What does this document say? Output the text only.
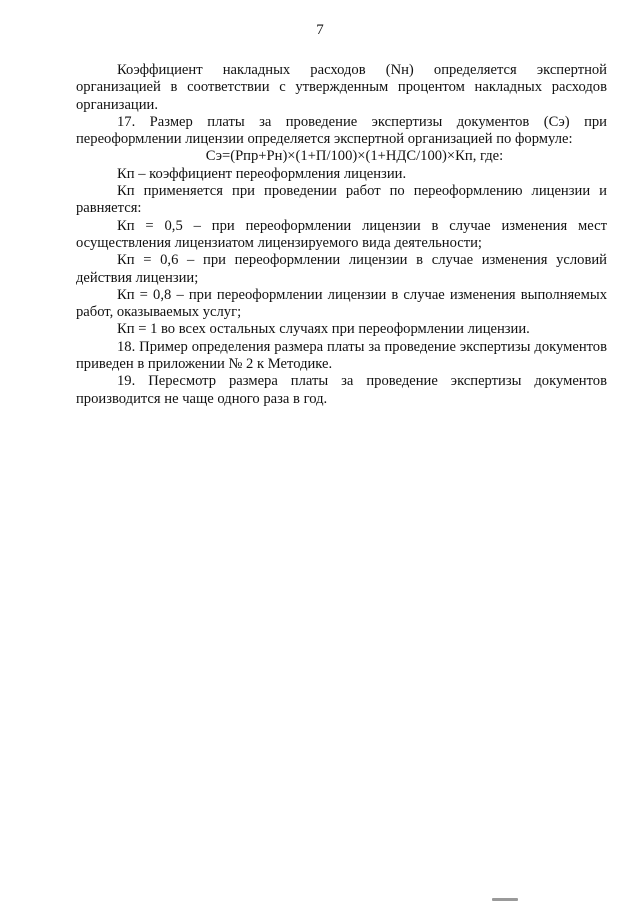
7

Коэффициент накладных расходов (Nн) определяется экспертной организацией в соответствии с утвержденным процентом накладных расходов организации.

17. Размер платы за проведение экспертизы документов (Сэ) при переоформлении лицензии определяется экспертной организацией по формуле:

Сэ=(Рпр+Рн)×(1+П/100)×(1+НДС/100)×Кп, где:

Кп – коэффициент переоформления лицензии.

Кп применяется при проведении работ по переоформлению лицензии и равняется:

Кп = 0,5 – при переоформлении лицензии в случае изменения мест осуществления лицензиатом лицензируемого вида деятельности;

Кп = 0,6 – при переоформлении лицензии в случае изменения условий действия лицензии;

Кп = 0,8 – при переоформлении лицензии в случае изменения выполняемых работ, оказываемых услуг;

Кп = 1 во всех остальных случаях при переоформлении лицензии.

18. Пример определения размера платы за проведение экспертизы документов приведен в приложении № 2 к Методике.

19. Пересмотр размера платы за проведение экспертизы документов производится не чаще одного раза в год.
